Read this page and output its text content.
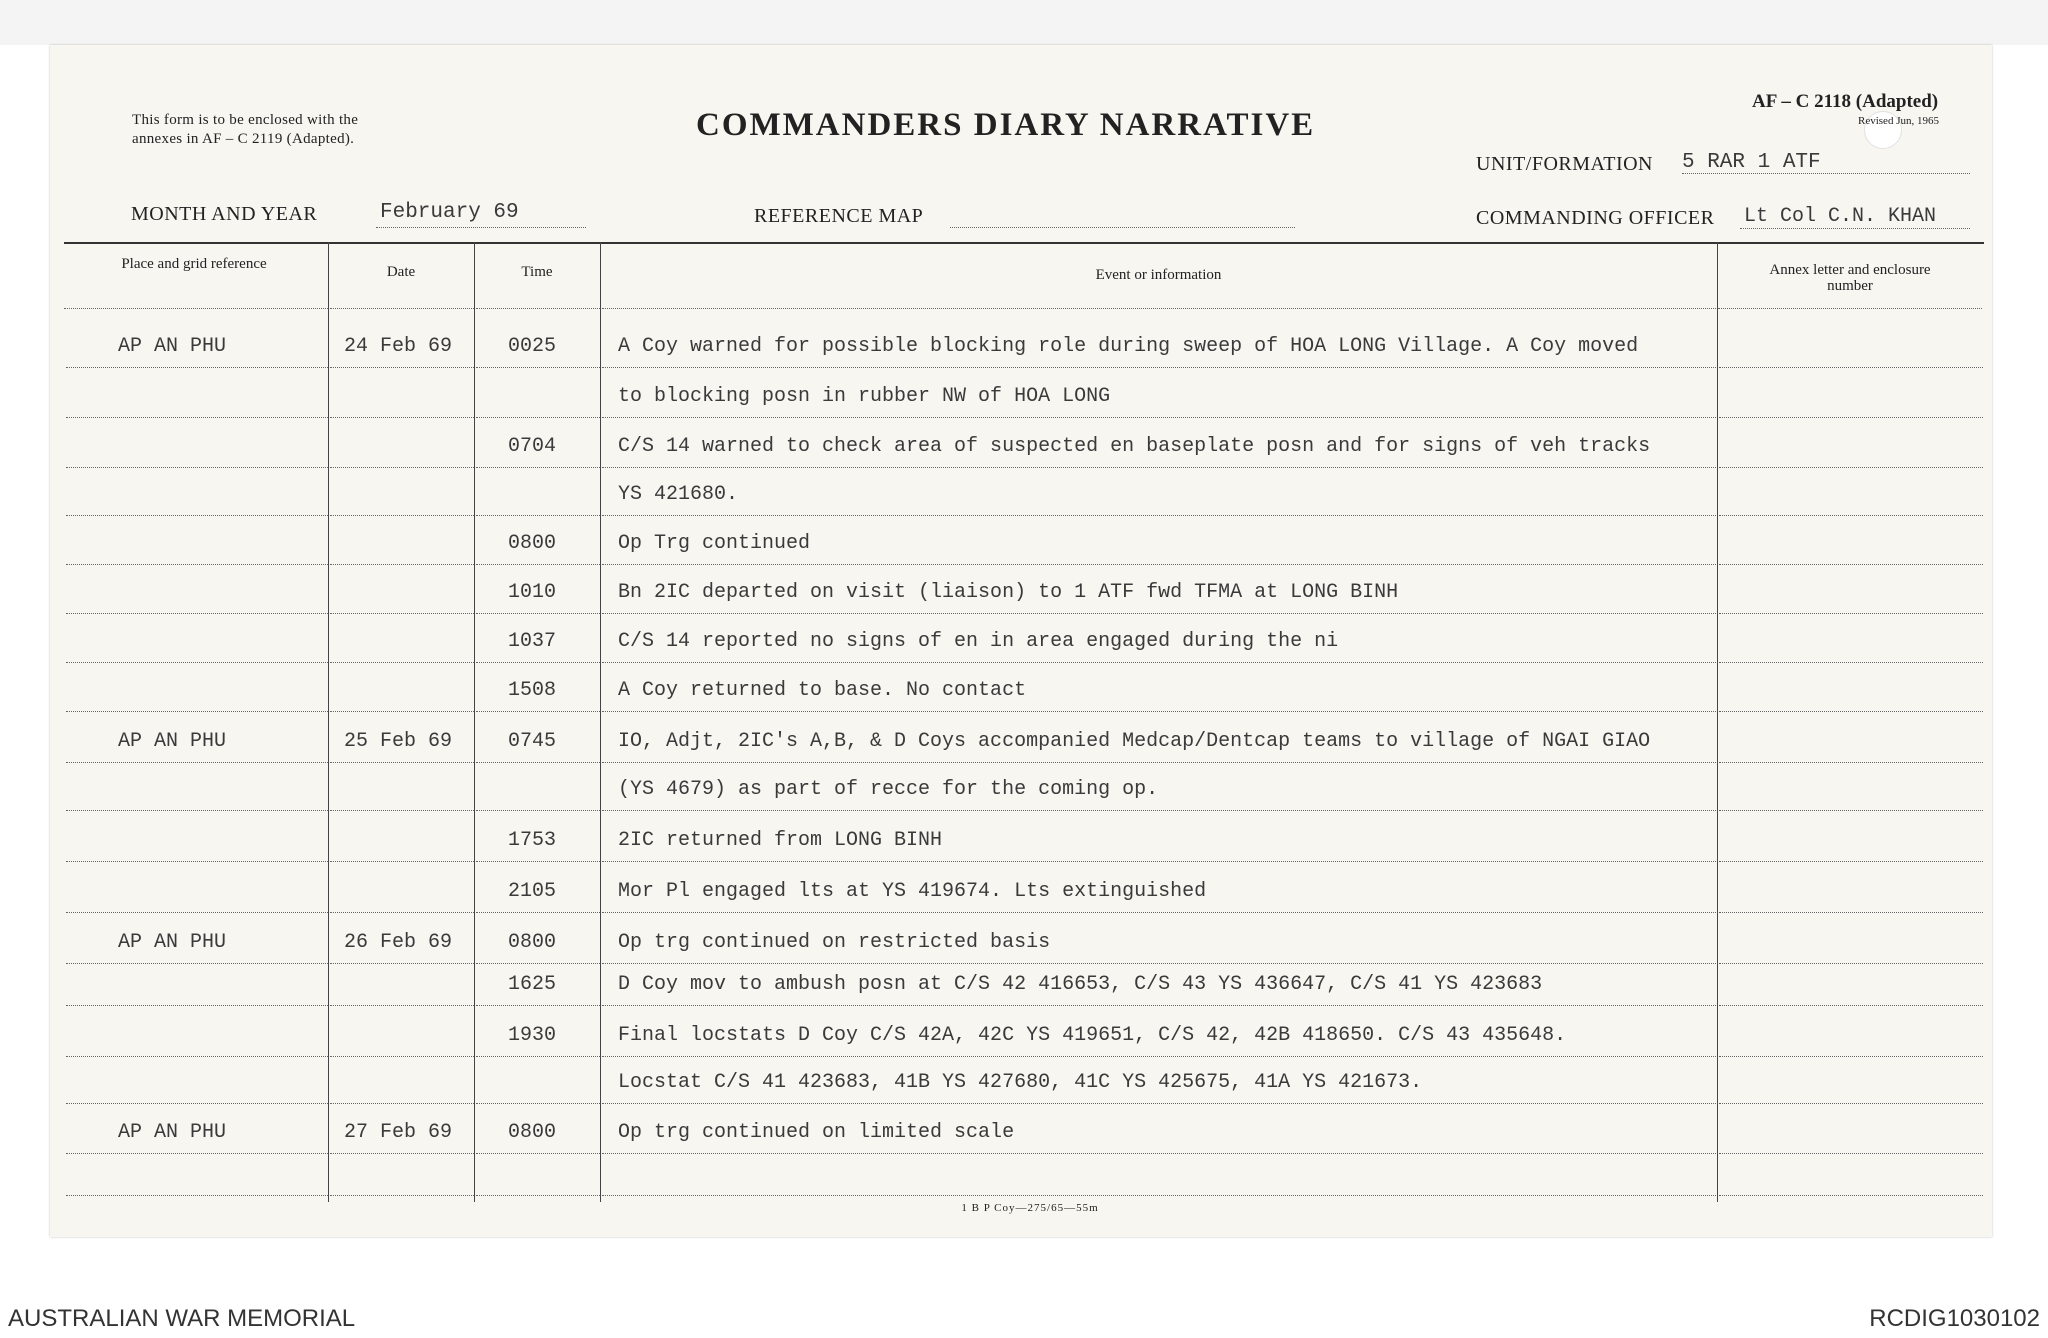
This form is to be enclosed with the
annexes in AF – C 2119 (Adapted).	COMMANDERS DIARY NARRATIVE
AF – C 2118 (Adapted)
Revised Jun, 1965
UNIT/FORMATION 5 RAR 1 ATF
MONTH AND YEAR	February 69	REFERENCE MAP	COMMANDING OFFICER Lt Col C.N. KHAN
Place and grid reference	Date	Time	Event or information	Annex letter and enclosure number
AP AN PHU	24 Feb 69	0025	A Coy warned for possible blocking role during sweep of HOA LONG Village. A Coy moved
to blocking posn in rubber NW of HOA LONG
0704	C/S 14 warned to check area of suspected en baseplate posn and for signs of veh tracks
YS 421680.
0800	Op Trg continued
1010	Bn 2IC departed on visit (liaison) to 1 ATF fwd TFMA at LONG BINH
1037	C/S 14 reported no signs of en in area engaged during the ni
1508	A Coy returned to base. No contact
AP AN PHU	25 Feb 69	0745	IO, Adjt, 2IC's A,B, & D Coys accompanied Medcap/Dentcap teams to village of NGAI GIAO
(YS 4679) as part of recce for the coming op.
1753	2IC returned from LONG BINH
2105	Mor Pl engaged lts at YS 419674. Lts extinguished
AP AN PHU	26 Feb 69	0800	Op trg continued on restricted basis
1625	D Coy mov to ambush posn at C/S 42 416653, C/S 43 YS 436647, C/S 41 YS 423683
1930	Final locstats D Coy C/S 42A, 42C YS 419651, C/S 42, 42B 418650. C/S 43 435648.
Locstat C/S 41 423683, 41B YS 427680, 41C YS 425675, 41A YS 421673.
AP AN PHU	27 Feb 69	0800	Op trg continued on limited scale
1 B P Coy—275/65—55m
AUSTRALIAN WAR MEMORIAL	RCDIG1030102
